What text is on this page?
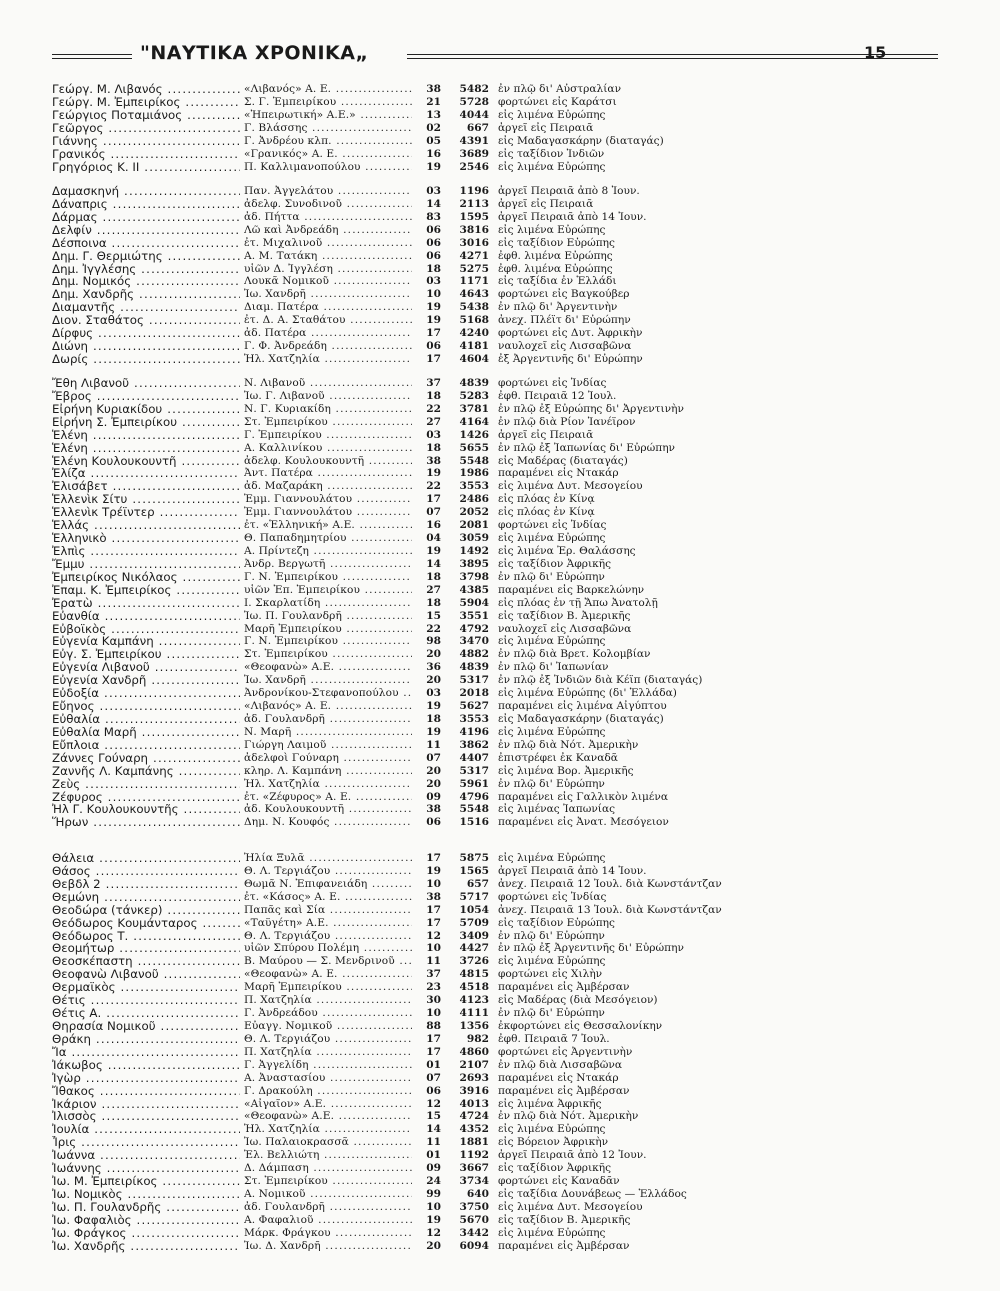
"ΝΑΥΤΙΚΑ ΧΡΟΝΙΚΑ„	15
Γεώργ. Μ. Λιβανός .....	«Λιβανός» Α. Ε. .....	38	5482 ἐν πλῷ δι' Αὐστραλίαν
Γεώργ. Μ. Ἐμπειρίκος .....	Σ. Γ. Ἐμπειρίκου .....	21	5728 φορτώνει εἰς Καράτσι
Γεώργιος Ποταμιάνος .....	«Ἠπειρωτική» Α.Ε.» .....	13	4044 εἰς λιμένα Εὐρώπης
Γεῶργος .....	Γ. Βλάσσης .....	02	667 ἀργεῖ εἰς Πειραιᾶ
Γιάννης .....	Γ. Ἀνδρέου κλπ. .....	05	4391 εἰς Μαδαγασκάρην (διαταγάς)
Γρανικός .....	«Γρανικός» Α. Ε. .....	16	3689 εἰς ταξίδιον Ἰνδιῶν
Γρηγόριος Κ. ΙΙ .....	Π. Καλλιμανοπούλου .....	19	2546 εἰς λιμένα Εὐρώπης
Δαμασκηνή .....	Παν. Ἀγγελάτου .....	03	1196 ἀργεῖ Πειραιᾶ ἀπὸ 8 Ἰουν.
Δάναπρις .....	ἀδελφ. Συνοδινοῦ .....	14	2113 ἀργεῖ εἰς Πειραιᾶ
Δάρμας .....	ἀδ. Πήττα .....	83	1595 ἀργεῖ Πειραιᾶ ἀπὸ 14 Ἰουν.
Δελφίν .....	Λῶ καὶ Ἀνδρεάδη .....	06	3816 εἰς λιμένα Εὐρώπης
Δέσποινα .....	ἐτ. Μιχαλινοῦ .....	06	3016 εἰς ταξίδιον Εὐρώπης
Δημ. Γ. Θερμιώτης .....	Α. Μ. Τατάκη .....	06	4271 ἐφθ. λιμένα Εὐρώπης
Δημ. Ἰγγλέσης .....	υἱῶν Δ. Ἰγγλέση .....	18	5275 ἐφθ. λιμένα Εὐρώπης
Δημ. Νομικός .....	Λουκᾶ Νομικοῦ .....	03	1171 εἰς ταξίδια ἐν Ἑλλάδι
Δημ. Χανδρῆς .....	Ἰω. Χανδρῆ .....	10	4643 φορτώνει εἰς Βαγκούβερ
Διαμαντῆς .....	Διαμ. Πατέρα .....	19	5438 ἐν πλῷ δι' Ἀργεντινὴν
Διον. Σταθάτος .....	ἐτ. Δ. Α. Σταθάτου .....	19	5168 ἀνεχ. Πλέϊτ δι' Εὐρώπην
Δίρφυς .....	ἀδ. Πατέρα .....	17	4240 φορτώνει εἰς Δυτ. Ἀφρικὴν
Διώνη .....	Γ. Φ. Ἀνδρεάδη .....	06	4181 ναυλοχεῖ εἰς Λισσαβῶνα
Δωρίς .....	Ἠλ. Χατζηλία .....	17	4604 ἐξ Ἀργεντινῆς δι' Εὐρώπην
Ἔθη Λιβανοῦ .....	Ν. Λιβανοῦ .....	37	4839 φορτώνει εἰς Ἰνδίας
Ἔβρος .....	Ἰω. Γ. Λιβανοῦ .....	18	5283 ἐφθ. Πειραιᾶ 12 Ἰουλ.
Εἰρήνη Κυριακίδου .....	Ν. Γ. Κυριακίδη .....	22	3781 ἐν πλῷ ἐξ Εὐρώπης δι' Ἀργεντινὴν
Εἰρήνη Σ. Ἐμπειρίκου .....	Στ. Ἐμπειρίκου .....	27	4164 ἐν πλῷ διὰ Ρίον Ἰανέϊρον
Ἑλένη .....	Γ. Ἐμπειρίκου .....	03	1426 ἀργεῖ εἰς Πειραιᾶ
Ἑλένη .....	Α. Καλλινίκου .....	18	5655 ἐν πλῷ ἐξ Ἰαπωνίας δι' Εὐρώπην
Ἑλένη Κουλουκουντῆ .....	ἀδελφ. Κουλουκουντῆ .....	38	5548 εἰς Μαδέρας (διαταγάς)
Ἐλίζα .....	Ἀντ. Πατέρα .....	19	1986 παραμένει εἰς Ντακάρ
Ἐλισάβετ .....	ἀδ. Μαζαράκη .....	22	3553 εἰς λιμένα Δυτ. Μεσογείου
Ἑλλενὶκ Σίτυ .....	Ἐμμ. Γιαννουλάτου .....	17	2486 εἰς πλόας ἐν Κίνᾳ
Ἑλλενὶκ Τρέϊντερ .....	Ἐμμ. Γιαννουλάτου .....	07	2052 εἰς πλόας ἐν Κίνᾳ
Ἑλλάς .....	ἐτ. «Ἑλληνική» Α.Ε. .....	16	2081 φορτώνει εἰς Ἰνδίας
Ἑλληνικὸ .....	Θ. Παπαδημητρίου .....	04	3059 εἰς λιμένα Εὐρώπης
Ἐλπὶς .....	Α. Πρίντεζη .....	19	1492 εἰς λιμένα Ἐρ. Θαλάσσης
Ἔμμυ .....	Ἀνδρ. Βεργωτῆ .....	14	3895 εἰς ταξίδιον Ἀφρικῆς
Ἐμπειρίκος Νικόλαος .....	Γ. Ν. Ἐμπειρίκου .....	18	3798 ἐν πλῷ δι' Εὐρώπην
Ἐπαμ. Κ. Ἐμπειρίκος .....	υἱῶν Ἐπ. Ἐμπειρίκου .....	27	4385 παραμένει εἰς Βαρκελώνην
Ἐρατὼ .....	Ι. Σκαρλατίδη .....	18	5904 εἰς πλόας ἐν τῇ Ἄπω Ἀνατολῇ
Εὐανθία .....	Ἰω. Π. Γουλανδρῆ .....	15	3551 εἰς ταξίδιον Β. Ἀμερικῆς
Εὐβοϊκὸς .....	Μαρῆ Ἐμπειρίκου .....	22	4792 ναυλοχεῖ εἰς Λισσαβῶνα
Εὐγενία Καμπάνη .....	Γ. Ν. Ἐμπειρίκου .....	98	3470 εἰς λιμένα Εὐρώπης
Εὐγ. Σ. Ἐμπειρίκου .....	Στ. Ἐμπειρίκου .....	20	4882 ἐν πλῷ διὰ Βρετ. Κολομβίαν
Εὐγενία Λιβανοῦ .....	«Θεοφανὼ» Α.Ε. .....	36	4839 ἐν πλῷ δι' Ἰαπωνίαν
Εὐγενία Χανδρῆ .....	Ἰω. Χανδρῆ .....	20	5317 ἐν πλῷ ἐξ Ἰνδιῶν διὰ Κέϊπ (διαταγάς)
Εὐδοξία .....	Ἀνδρονίκου-Στεφανοπούλου .....	03	2018 εἰς λιμένα Εὐρώπης (δι' Ἑλλάδα)
Εὔηνος .....	«Λιβανός» Α. Ε. .....	19	5627 παραμένει εἰς λιμένα Αἰγύπτου
Εὐθαλία .....	ἀδ. Γουλανδρῆ .....	18	3553 εἰς Μαδαγασκάρην (διαταγάς)
Εὐθαλία Μαρῆ .....	Ν. Μαρῆ .....	19	4196 εἰς λιμένα Εὐρώπης
Εὔπλοια .....	Γιώργη Λαιμοῦ .....	11	3862 ἐν πλῷ διὰ Νότ. Ἀμερικὴν
Ζάννες Γούναρη .....	ἀδελφοὶ Γούναρη .....	07	4407 ἐπιστρέφει ἐκ Καναδᾶ
Ζαννῆς Λ. Καμπάνης .....	κληρ. Λ. Καμπάνη .....	20	5317 εἰς λιμένα Βορ. Ἀμερικῆς
Ζεὺς .....	Ἠλ. Χατζηλία .....	20	5961 ἐν πλῷ δι' Εὐρώπην
Ζέφυρος .....	ἐτ. «Ζέφυρος» Α. Ε. .....	09	4796 παραμένει εἰς Γαλλικὸν λιμένα
Ἠλ Γ. Κουλουκουντῆς .....	ἀδ. Κουλουκουντῆ .....	38	5548 εἰς λιμένας Ἰαπωνίας
Ἥρων .....	Δημ. Ν. Κουφός .....	06	1516 παραμένει εἰς Ἀνατ. Μεσόγειον
Θάλεια .....	Ἠλία Ξυλᾶ .....	17	5875 εἰς λιμένα Εὐρώπης
Θάσος .....	Θ. Λ. Τεργιάζου .....	19	1565 ἀργεῖ Πειραιᾶ ἀπὸ 14 Ἰουν.
Θεβδλ 2 .....	Θωμᾶ Ν. Ἐπιφανειάδη .....	10	657 ἀνεχ. Πειραιᾶ 12 Ἰουλ. διὰ Κωνστάντζαν
Θεμώνη .....	ἐτ. «Κάσος» Α. Ε. .....	38	5717 φορτώνει εἰς Ἰνδίας
Θεοδώρα (τάνκερ) .....	Παπᾶς καὶ Σία .....	17	1054 ἀνεχ. Πειραιᾶ 13 Ἰουλ. διὰ Κωνστάντζαν
Θεόδωρος Κουμάνταρος .....	«Ταϋγέτη» Α.Ε. .....	17	5709 εἰς ταξίδιον Εὐρώπης
Θεόδωρος Τ. .....	Θ. Λ. Τεργιάζου .....	12	3409 ἐν πλῷ δι' Εὐρώπην
Θεομήτωρ .....	υἱῶν Σπύρου Πολέμη .....	10	4427 ἐν πλῷ ἐξ Ἀργεντινῆς δι' Εὐρώπην
Θεοσκέπαστη .....	Β. Μαύρου — Σ. Μενδρινοῦ .....	11	3726 εἰς λιμένα Εὐρώπης
Θεοφανὼ Λιβανοῦ .....	«Θεοφανὼ» Α. Ε. .....	37	4815 φορτώνει εἰς Χιλὴν
Θερμαϊκὸς .....	Μαρῆ Ἐμπειρίκου .....	23	4518 παραμένει εἰς Ἀμβέρσαν
Θέτις .....	Π. Χατζηλία .....	30	4123 εἰς Μαδέρας (διὰ Μεσόγειον)
Θέτις Α. .....	Γ. Ἀνδρεάδου .....	10	4111 ἐν πλῷ δι' Εὐρώπην
Θηρασία Νομικοῦ .....	Εὐαγγ. Νομικοῦ .....	88	1356 ἐκφορτώνει εἰς Θεσσαλονίκην
Θράκη .....	Θ. Λ. Τεργιάζου .....	17	982 ἐφθ. Πειραιᾶ 7 Ἰουλ.
Ἴα .....	Π. Χατζηλία .....	17	4860 φορτώνει εἰς Ἀργεντινὴν
Ἰάκωβος .....	Γ. Ἀγγελίδη .....	01	2107 ἐν πλῷ διὰ Λισσαβῶνα
Ἰγὼρ .....	Α. Ἀναστασίου .....	07	2693 παραμένει εἰς Ντακάρ
Ἴθακος .....	Γ. Δρακούλη .....	06	3916 παραμένει εἰς Ἀμβέρσαν
Ἰκάριον .....	«Αἰγαῖον» Α.Ε. .....	12	4013 εἰς λιμένα Ἀφρικῆς
Ἰλισσὸς .....	«Θεοφανὼ» Α.Ε. .....	15	4724 ἐν πλῷ διὰ Νότ. Ἀμερικὴν
Ἰουλία .....	Ἠλ. Χατζηλία .....	14	4352 εἰς λιμένα Εὐρώπης
Ἶρις .....	Ἰω. Παλαιοκρασσᾶ .....	11	1881 εἰς Βόρειον Ἀφρικὴν
Ἰωάννα .....	Ἐλ. Βελλιώτη .....	01	1192 ἀργεῖ Πειραιᾶ ἀπὸ 12 Ἰουν.
Ἰωάννης .....	Δ. Δάμπαση .....	09	3667 εἰς ταξίδιον Ἀφρικῆς
Ἰω. Μ. Ἐμπειρίκος .....	Στ. Ἐμπειρίκου .....	24	3734 φορτώνει εἰς Καναδᾶν
Ἰω. Νομικὸς .....	Α. Νομικοῦ .....	99	640 εἰς ταξίδια Δουνάβεως — Ἑλλάδος
Ἰω. Π. Γουλανδρῆς .....	ἀδ. Γουλανδρῆ .....	10	3750 εἰς λιμένα Δυτ. Μεσογείου
Ἰω. Φαφαλιὸς .....	Α. Φαφαλιοῦ .....	19	5670 εἰς ταξίδιον Β. Ἀμερικῆς
Ἰω. Φράγκος .....	Μάρκ. Φράγκου .....	12	3442 εἰς λιμένα Εὐρώπης
Ἰω. Χανδρῆς .....	Ἰω. Δ. Χανδρῆ .....	20	6094 παραμένει εἰς Ἀμβέρσαν
